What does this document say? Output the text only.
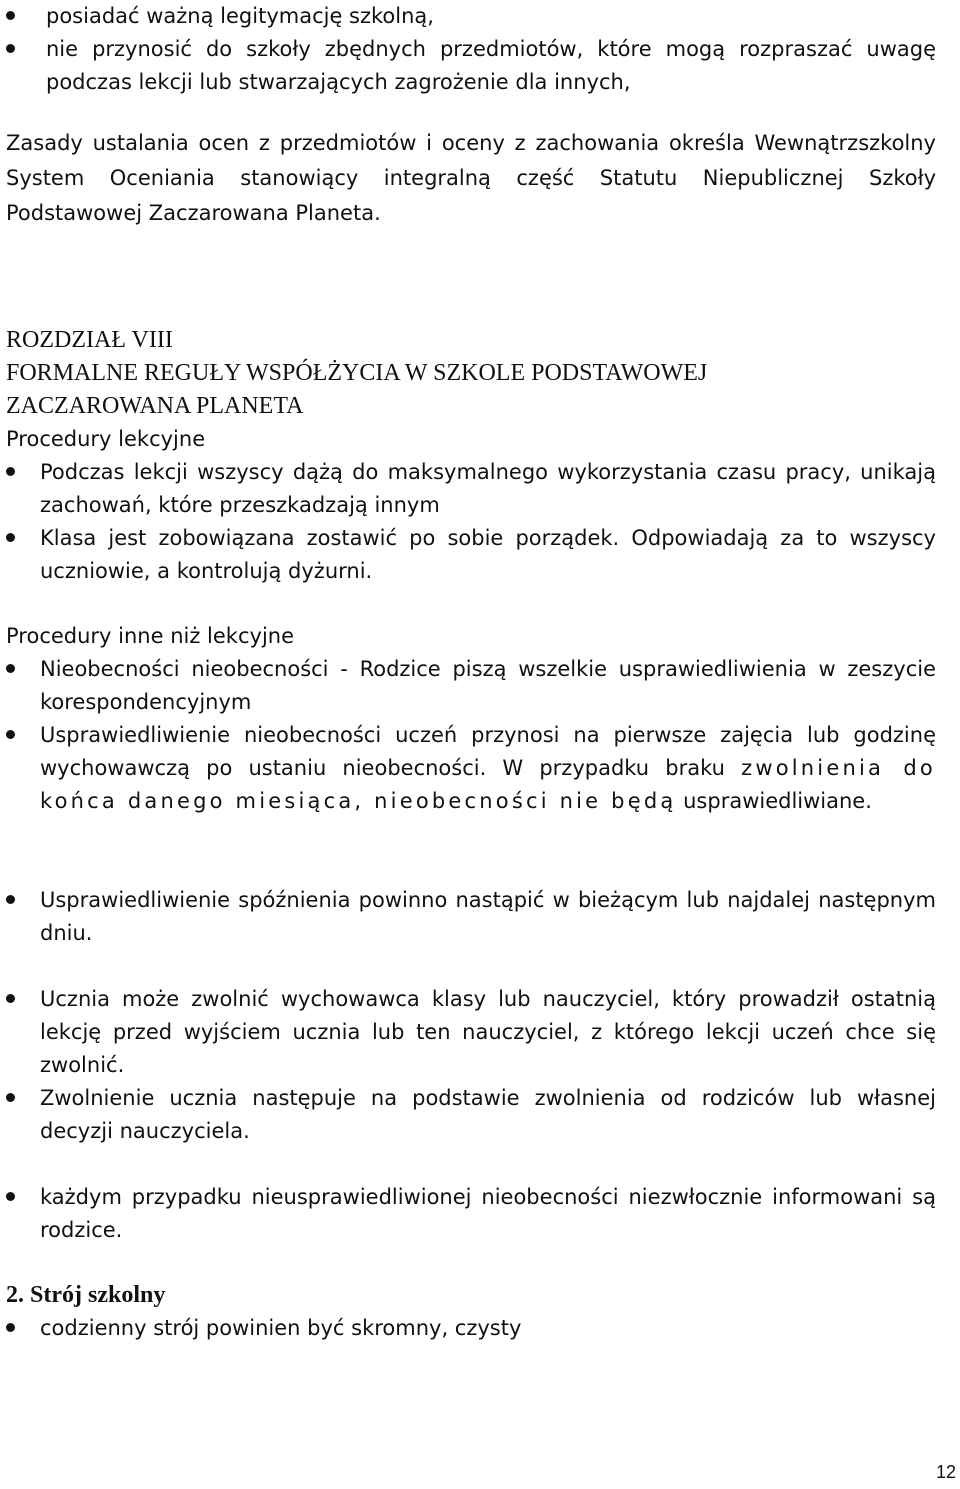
posiadać ważną legitymację szkolną,
nie przynosić do szkoły zbędnych przedmiotów, które mogą rozpraszać uwagę podczas lekcji lub stwarzających zagrożenie dla innych,
Zasady ustalania ocen z przedmiotów i oceny z zachowania określa Wewnątrzszkolny System Oceniania stanowiący integralną część Statutu Niepublicznej Szkoły Podstawowej Zaczarowana Planeta.
ROZDZIAŁ VIII
FORMALNE REGUŁY WSPÓŁŻYCIA W SZKOLE PODSTAWOWEJ
ZACZAROWANA PLANETA
Procedury lekcyjne
Podczas lekcji wszyscy dążą do maksymalnego wykorzystania czasu pracy, unikają zachowań, które przeszkadzają innym
Klasa jest zobowiązana zostawić po sobie porządek. Odpowiadają za to wszyscy uczniowie, a kontrolują dyżurni.
Procedury inne niż lekcyjne
Nieobecności nieobecności - Rodzice piszą wszelkie usprawiedliwienia w zeszycie korespondencyjnym
Usprawiedliwienie nieobecności uczeń przynosi na pierwsze zajęcia lub godzinę wychowawczą po ustaniu nieobecności. W przypadku braku zwolnienia do końca danego miesiąca, nieobecności nie będą usprawiedliwiane.
Usprawiedliwienie spóźnienia powinno nastąpić w bieżącym lub najdalej następnym dniu.
Ucznia może zwolnić wychowawca klasy lub nauczyciel, który prowadził ostatnią lekcję przed wyjściem ucznia lub ten nauczyciel, z którego lekcji uczeń chce się zwolnić.
Zwolnienie ucznia następuje na podstawie zwolnienia od rodziców lub własnej decyzji nauczyciela.
każdym przypadku nieusprawiedliwionej nieobecności niezwłocznie informowani są rodzice.
2. Strój szkolny
codzienny strój powinien być skromny, czysty
12
